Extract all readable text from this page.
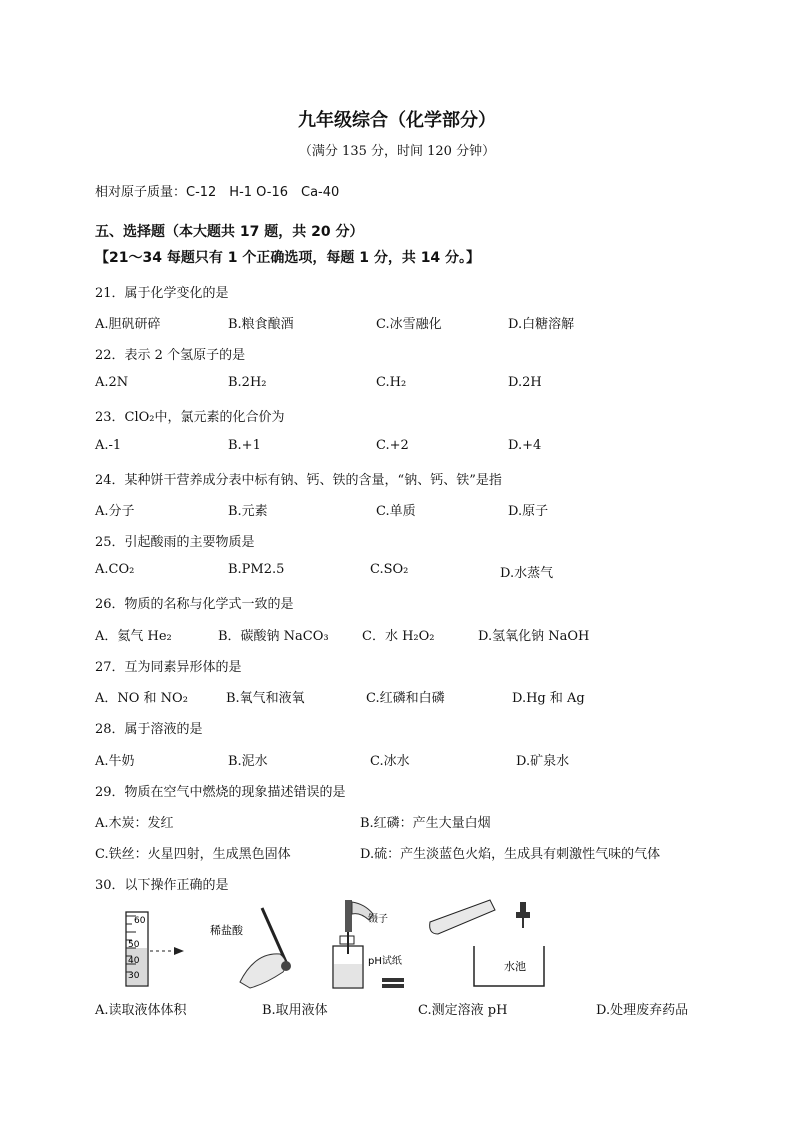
九年级综合（化学部分）
（满分 135 分，时间 120 分钟）
相对原子质量：C-12　H-1 O-16　Ca-40
五、选择题（本大题共 17 题，共 20 分）
【21～34 每题只有 1 个正确选项，每题 1 分，共 14 分。】
21．属于化学变化的是
A.胆矾研碎	B.粮食酿酒	C.冰雪融化	D.白糖溶解
22．表示 2 个氢原子的是
A.2N	B.2H₂	C.H₂	D.2H
23．ClO₂中，氯元素的化合价为
A.-1	B.+1	C.+2	D.+4
24．某种饼干营养成分表中标有钠、钙、铁的含量，“钠、钙、铁”是指
A.分子	B.元素	C.单质	D.原子
25．引起酸雨的主要物质是
A.CO₂	B.PM2.5	C.SO₂	D.水蒸气
26．物质的名称与化学式一致的是
A．氦气 He₂	B．碳酸钠 NaCO₃	C．水 H₂O₂	D.氢氧化钠 NaOH
27．互为同素异形体的是
A．NO 和 NO₂	B.氧气和液氧	C.红磷和白磷	D.Hg 和 Ag
28．属于溶液的是
A.牛奶	B.泥水	C.冰水	D.矿泉水
29．物质在空气中燃烧的现象描述错误的是
A.木炭：发红	B.红磷：产生大量白烟
C.铁丝：火星四射，生成黑色固体	D.硫：产生淡蓝色火焰，生成具有刺激性气味的气体
30．以下操作正确的是
60
50
40
30
稀盐酸
镊子
pH试纸	水池
A.读取液体体积	B.取用液体	C.测定溶液 pH	D.处理废弃药品
